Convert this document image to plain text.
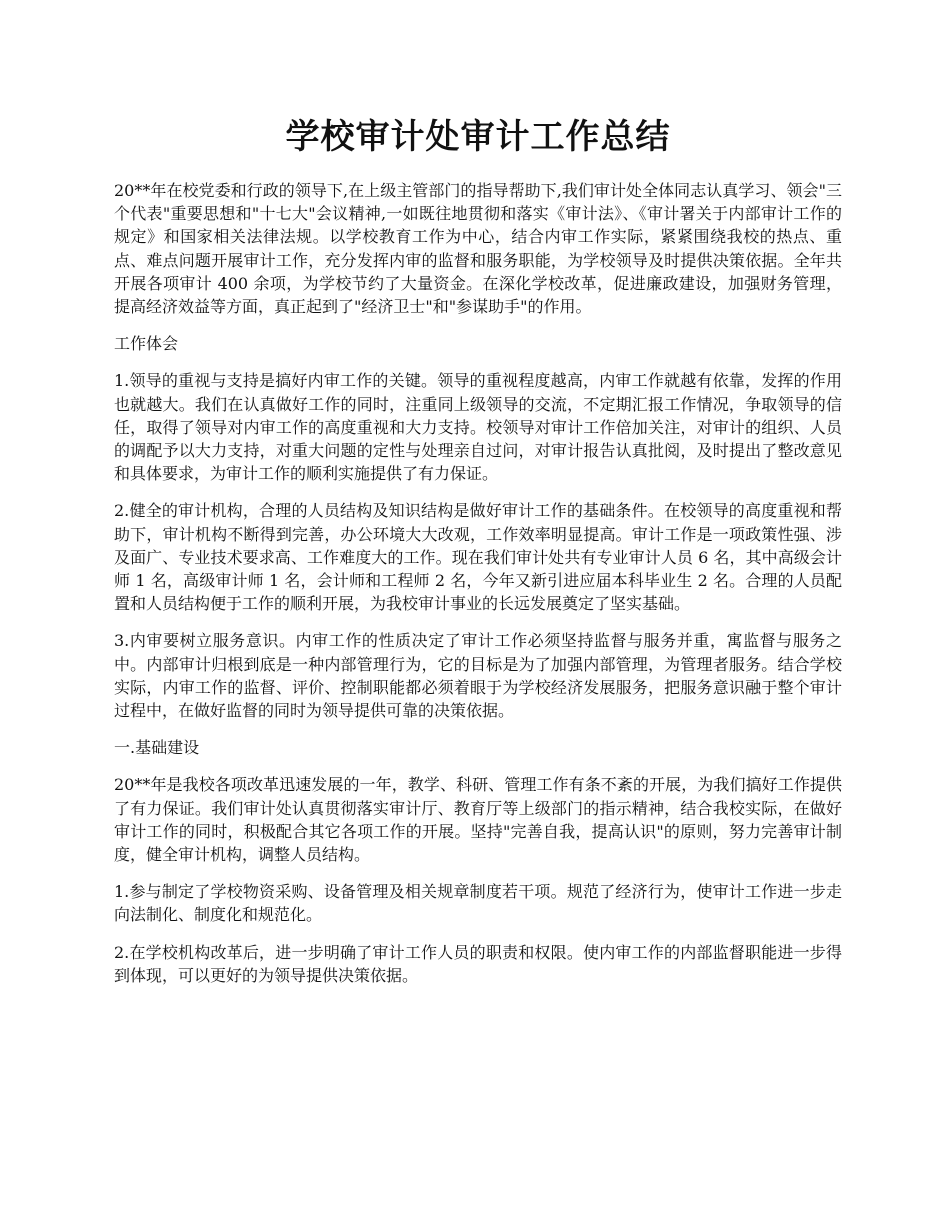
学校审计处审计工作总结

20**年在校党委和行政的领导下,在上级主管部门的指导帮助下,我们审计处全体同志认真学习、领会"三个代表"重要思想和"十七大"会议精神,一如既往地贯彻和落实《审计法》、《审计署关于内部审计工作的规定》和国家相关法律法规。以学校教育工作为中心，结合内审工作实际，紧紧围绕我校的热点、重点、难点问题开展审计工作，充分发挥内审的监督和服务职能，为学校领导及时提供决策依据。全年共开展各项审计 400 余项，为学校节约了大量资金。在深化学校改革，促进廉政建设，加强财务管理，提高经济效益等方面，真正起到了"经济卫士"和"参谋助手"的作用。

工作体会

1.领导的重视与支持是搞好内审工作的关键。领导的重视程度越高，内审工作就越有依靠，发挥的作用也就越大。我们在认真做好工作的同时，注重同上级领导的交流，不定期汇报工作情况，争取领导的信任，取得了领导对内审工作的高度重视和大力支持。校领导对审计工作倍加关注，对审计的组织、人员的调配予以大力支持，对重大问题的定性与处理亲自过问，对审计报告认真批阅，及时提出了整改意见和具体要求，为审计工作的顺利实施提供了有力保证。

2.健全的审计机构，合理的人员结构及知识结构是做好审计工作的基础条件。在校领导的高度重视和帮助下，审计机构不断得到完善，办公环境大大改观，工作效率明显提高。审计工作是一项政策性强、涉及面广、专业技术要求高、工作难度大的工作。现在我们审计处共有专业审计人员 6 名，其中高级会计师 1 名，高级审计师 1 名，会计师和工程师 2 名，今年又新引进应届本科毕业生 2 名。合理的人员配置和人员结构便于工作的顺利开展，为我校审计事业的长远发展奠定了坚实基础。

3.内审要树立服务意识。内审工作的性质决定了审计工作必须坚持监督与服务并重，寓监督与服务之中。内部审计归根到底是一种内部管理行为，它的目标是为了加强内部管理，为管理者服务。结合学校实际，内审工作的监督、评价、控制职能都必须着眼于为学校经济发展服务，把服务意识融于整个审计过程中，在做好监督的同时为领导提供可靠的决策依据。

一.基础建设

20**年是我校各项改革迅速发展的一年，教学、科研、管理工作有条不紊的开展，为我们搞好工作提供了有力保证。我们审计处认真贯彻落实审计厅、教育厅等上级部门的指示精神，结合我校实际，在做好审计工作的同时，积极配合其它各项工作的开展。坚持"完善自我，提高认识"的原则，努力完善审计制度，健全审计机构，调整人员结构。

1.参与制定了学校物资采购、设备管理及相关规章制度若干项。规范了经济行为，使审计工作进一步走向法制化、制度化和规范化。

2.在学校机构改革后，进一步明确了审计工作人员的职责和权限。使内审工作的内部监督职能进一步得到体现，可以更好的为领导提供决策依据。
